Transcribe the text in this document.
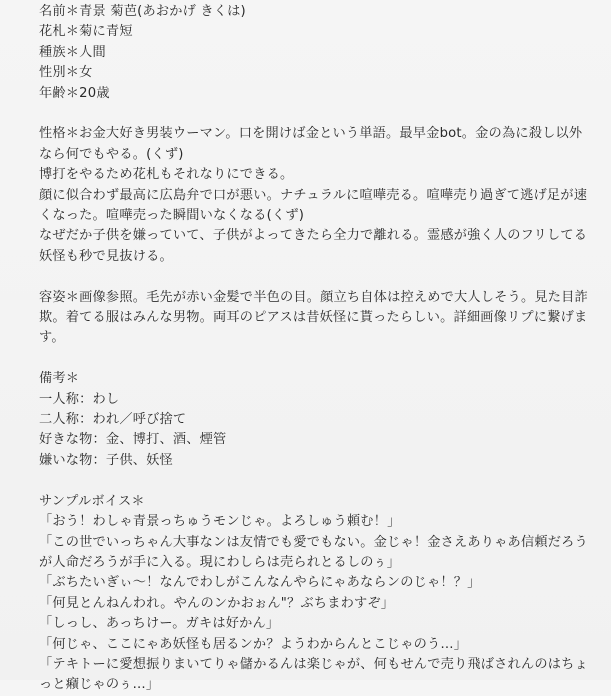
名前＊青景 菊芭(あおかげ きくは)
花札＊菊に青短
種族＊人間
性別＊女
年齢＊20歳
性格＊お金大好き男装ウーマン。口を開けば金という単語。最早金bot。金の為に殺し以外なら何でもやる。(くず)
博打をやるため花札もそれなりにできる。
顔に似合わず最高に広島弁で口が悪い。ナチュラルに喧嘩売る。喧嘩売り過ぎて逃げ足が速くなった。喧嘩売った瞬間いなくなる(くず)
なぜだか子供を嫌っていて、子供がよってきたら全力で離れる。霊感が強く人のフリしてる妖怪も秒で見抜ける。
容姿＊画像参照。毛先が赤い金髪で半色の目。顔立ち自体は控えめで大人しそう。見た目詐欺。着てる服はみんな男物。両耳のピアスは昔妖怪に貰ったらしい。詳細画像リプに繋げます。
備考＊
一人称：わし
二人称：われ／呼び捨て
好きな物：金、博打、酒、煙管
嫌いな物：子供、妖怪
サンプルボイス＊
「おう！わしゃ青景っちゅうモンじゃ。よろしゅう頼む！」
「この世でいっちゃん大事なンは友情でも愛でもない。金じゃ！金さえありゃあ信頼だろうが人命だろうが手に入る。現にわしらは売られとるしのぅ」
「ぶちたいぎぃ〜！なんでわしがこんなんやらにゃあならンのじゃ！？」
「何見とんねんわれ。やんのンかおぉん"？ぶちまわすぞ」
「しっし、あっちけー。ガキは好かん」
「何じゃ、ここにゃあ妖怪も居るンか？ようわからんとこじゃのう…」
「テキトーに愛想振りまいてりゃ儲かるんは楽じゃが、何もせんで売り飛ばされんのはちょっと癪じゃのぅ…」
